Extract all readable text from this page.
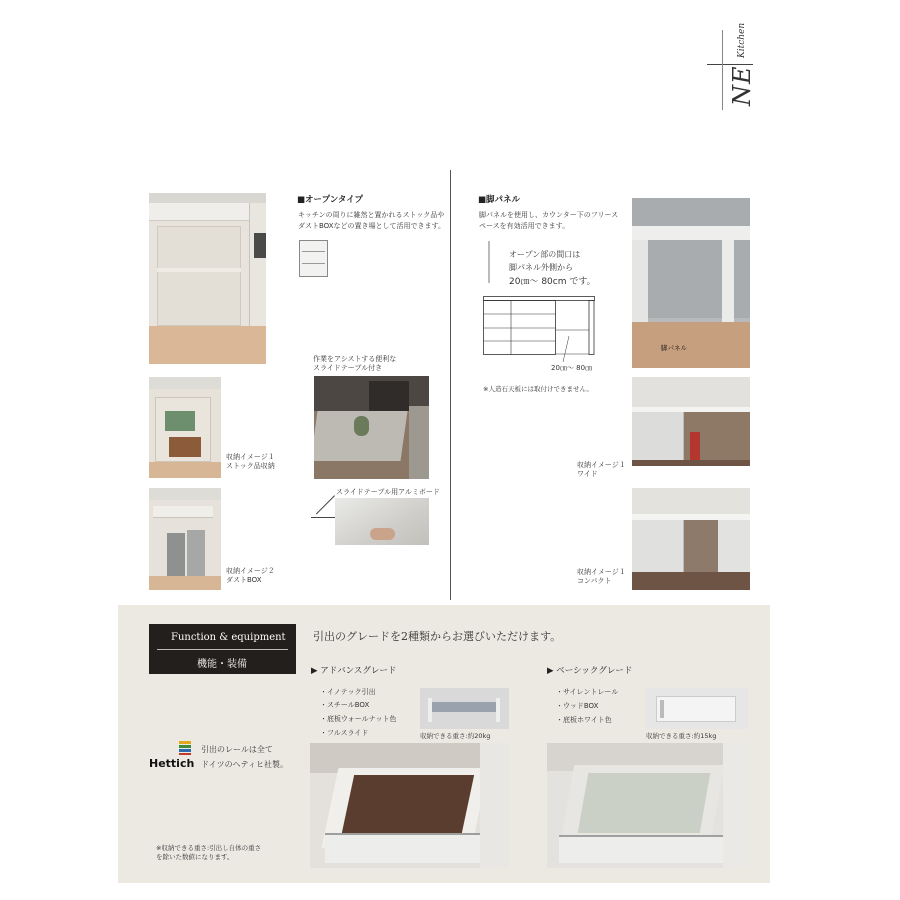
NE
Kitchen
■オープンタイプ
キッチンの周りに雑然と置かれるストック品や
ダストBOXなどの置き場として活用できます。
作業をアシストする便利な
スライドテーブル付き
スライドテーブル用アルミボード
収納イメージ１
ストック品収納
収納イメージ２
ダストBOX
■脚パネル
脚パネルを使用し、カウンター下のフリース
ペースを有効活用できます。
オープン部の間口は
脚パネル外側から
20㎝～ 80cm です。
20㎝～ 80㎝
※人造石天板には取付けできません。
脚パネル
収納イメージ１
ワイド
収納イメージ１
コンパクト
Function & equipment
機能・装備
引出のグレードを2種類からお選びいただけます。
▶ アドバンスグレード
・イノテック引出
・スチールBOX
・底板ウォールナット色
・フルスライド	収納できる重さ:約20kg
▶ ベーシックグレード
・サイレントレール
・ウッドBOX
・底板ホワイト色
収納できる重さ:約15kg
Hettich
引出のレールは全て
ドイツのヘティヒ社製。
※収納できる重さ:引出し自体の重さ
を除いた数値になります。
